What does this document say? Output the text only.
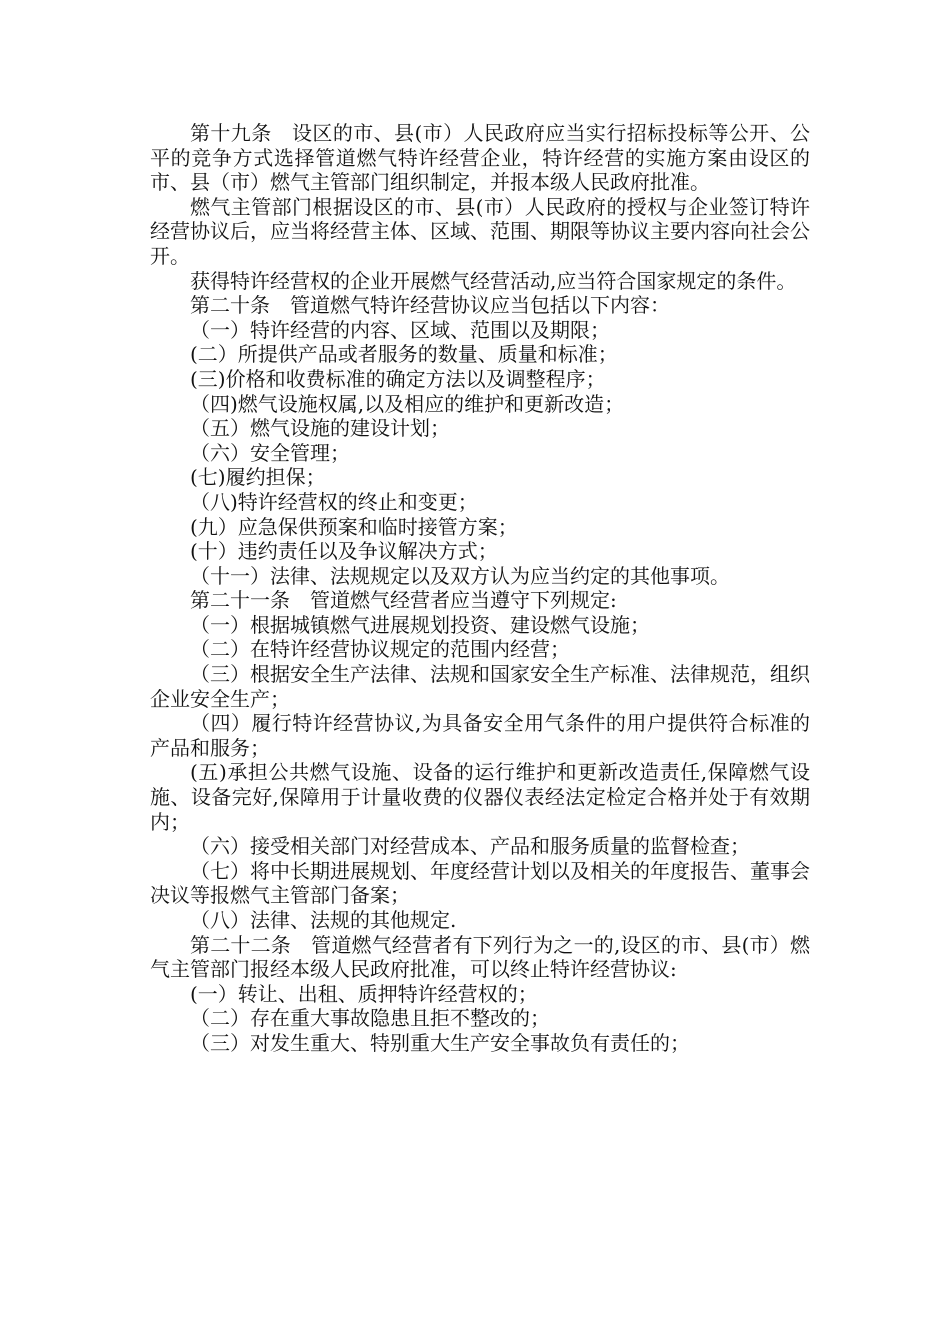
第十九条　设区的市、县(市）人民政府应当实行招标投标等公开、公平的竞争方式选择管道燃气特许经营企业，特许经营的实施方案由设区的市、县（市）燃气主管部门组织制定，并报本级人民政府批准。

燃气主管部门根据设区的市、县(市）人民政府的授权与企业签订特许经营协议后，应当将经营主体、区域、范围、期限等协议主要内容向社会公开。

获得特许经营权的企业开展燃气经营活动,应当符合国家规定的条件。

第二十条　管道燃气特许经营协议应当包括以下内容：

（一）特许经营的内容、区域、范围以及期限；

(二）所提供产品或者服务的数量、质量和标准；

(三)价格和收费标准的确定方法以及调整程序；

（四)燃气设施权属,以及相应的维护和更新改造；

（五）燃气设施的建设计划；

（六）安全管理；

(七)履约担保；

（八)特许经营权的终止和变更；

(九）应急保供预案和临时接管方案；

(十）违约责任以及争议解决方式；

（十一）法律、法规规定以及双方认为应当约定的其他事项。

第二十一条　管道燃气经营者应当遵守下列规定:

（一）根据城镇燃气进展规划投资、建设燃气设施；

（二）在特许经营协议规定的范围内经营；

（三）根据安全生产法律、法规和国家安全生产标准、法律规范，组织企业安全生产；

（四）履行特许经营协议,为具备安全用气条件的用户提供符合标准的产品和服务；

(五)承担公共燃气设施、设备的运行维护和更新改造责任,保障燃气设施、设备完好,保障用于计量收费的仪器仪表经法定检定合格并处于有效期内；

（六）接受相关部门对经营成本、产品和服务质量的监督检查；

（七）将中长期进展规划、年度经营计划以及相关的年度报告、董事会决议等报燃气主管部门备案；

（八）法律、法规的其他规定.

第二十二条　管道燃气经营者有下列行为之一的,设区的市、县(市）燃气主管部门报经本级人民政府批准，可以终止特许经营协议:

(一）转让、出租、质押特许经营权的；

（二）存在重大事故隐患且拒不整改的；

（三）对发生重大、特别重大生产安全事故负有责任的；
